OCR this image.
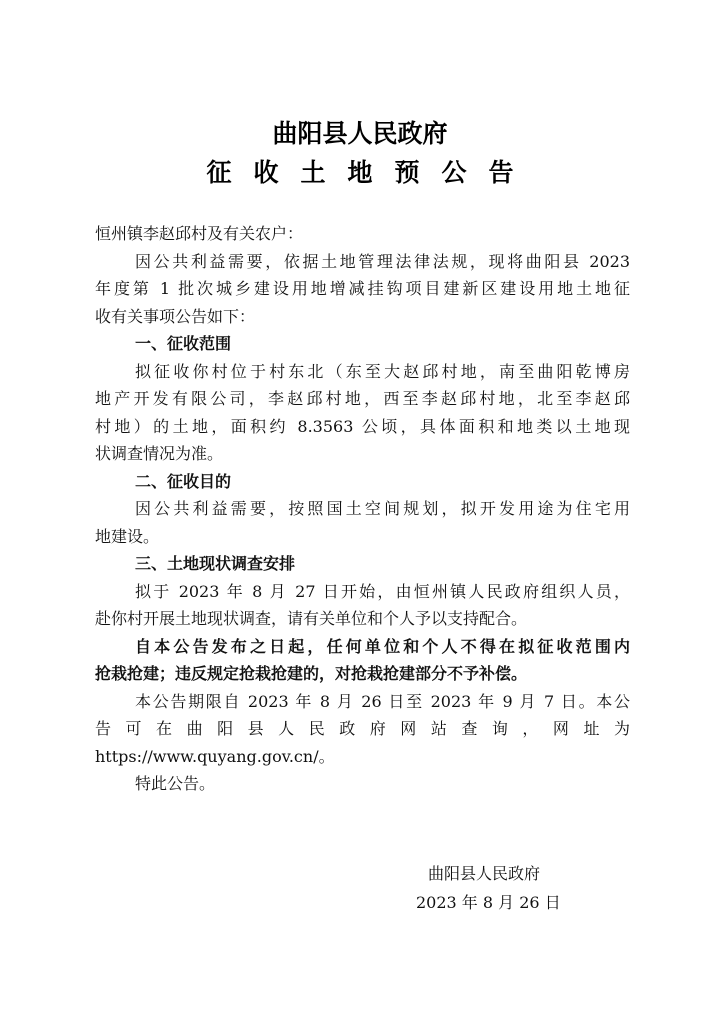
曲阳县人民政府
征收土地预公告
恒州镇李赵邱村及有关农户：
因公共利益需要，依据土地管理法律法规，现将曲阳县 2023
年度第 1 批次城乡建设用地增减挂钩项目建新区建设用地土地征
收有关事项公告如下：
一、征收范围
拟征收你村位于村东北（东至大赵邱村地，南至曲阳乾博房
地产开发有限公司，李赵邱村地，西至李赵邱村地，北至李赵邱
村地）的土地，面积约 8.3563 公顷，具体面积和地类以土地现
状调查情况为准。
二、征收目的
因公共利益需要，按照国土空间规划，拟开发用途为住宅用
地建设。
三、土地现状调查安排
拟于 2023 年 8 月 27 日开始，由恒州镇人民政府组织人员，
赴你村开展土地现状调查，请有关单位和个人予以支持配合。
自本公告发布之日起，任何单位和个人不得在拟征收范围内
抢栽抢建；违反规定抢栽抢建的，对抢栽抢建部分不予补偿。
本公告期限自 2023 年 8 月 26 日至 2023 年 9 月 7 日。本公
告可在曲阳县人民政府网站查询，网址为
https://www.quyang.gov.cn/。
特此公告。
曲阳县人民政府
2023 年 8 月 26 日
